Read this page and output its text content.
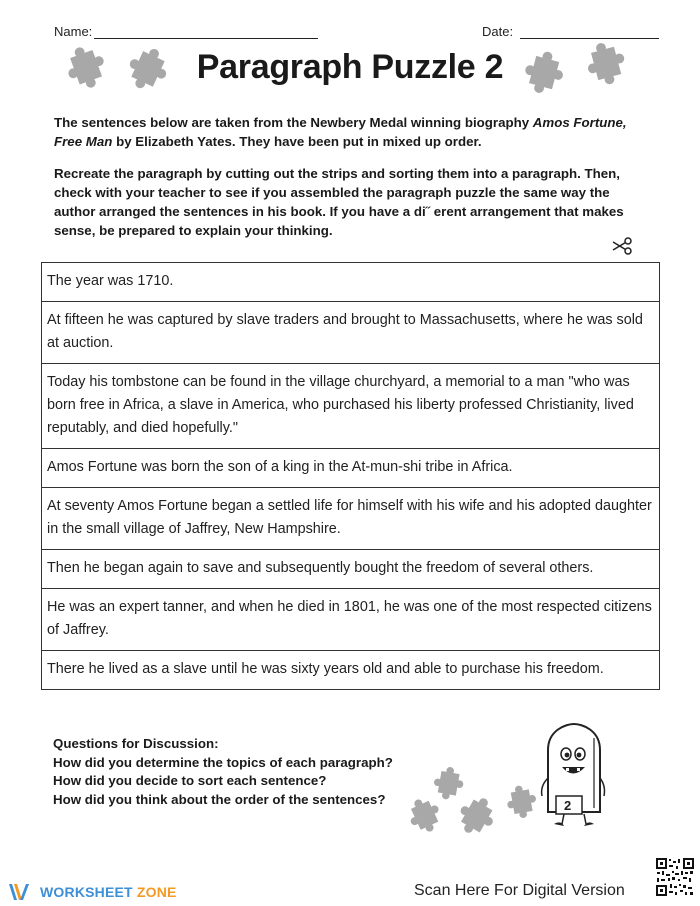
Name:	Date:
Paragraph Puzzle 2
The sentences below are taken from the Newbery Medal winning biography Amos Fortune, Free Man by Elizabeth Yates. They have been put in mixed up order.
Recreate the paragraph by cutting out the strips and sorting them into a paragraph. Then, check with your teacher to see if you assembled the paragraph puzzle the same way the author arranged the sentences in his book. If you have a di˝ erent arrangement that makes sense, be prepared to explain your thinking.
The year was 1710.
At fifteen he was captured by slave traders and brought to Massachusetts, where he was sold at auction.
Today his tombstone can be found in the village churchyard, a memorial to a man "who was born free in Africa, a slave in America, who purchased his liberty professed Christianity, lived reputably, and died hopefully."
Amos Fortune was born the son of a king in the At-mun-shi tribe in Africa.
At seventy Amos Fortune began a settled life for himself with his wife and his adopted daughter in the small village of Jaffrey, New Hampshire.
Then he began again to save and subsequently bought the freedom of several others.
He was an expert tanner, and when he died in 1801, he was one of the most respected citizens of Jaffrey.
There he lived as a slave until he was sixty years old and able to purchase his freedom.
Questions for Discussion:
How did you determine the topics of each paragraph?
How did you decide to sort each sentence?
How did you think about the order of the sentences?	2
WORKSHEET ZONE	Scan Here For Digital Version
